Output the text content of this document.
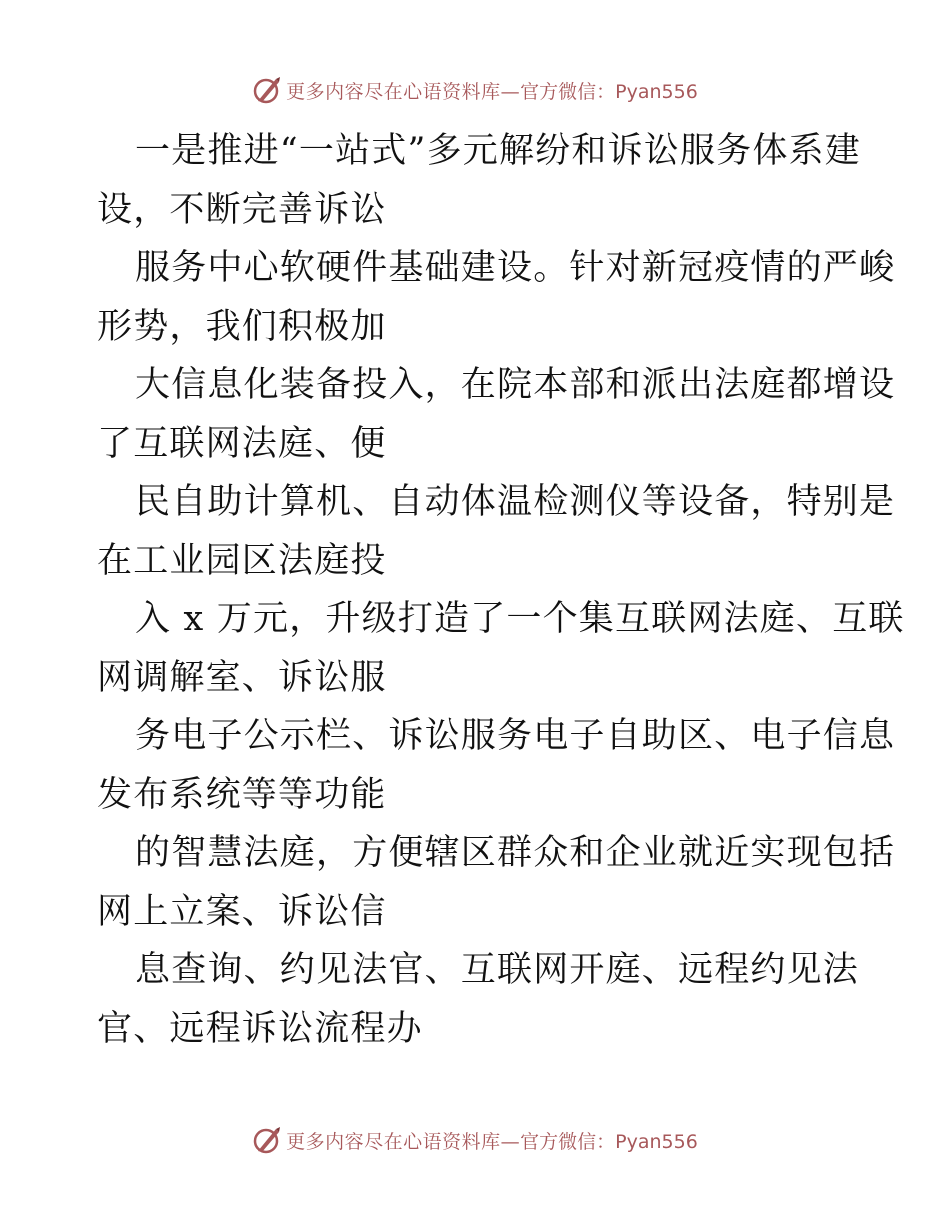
更多内容尽在心语资料库— 官方微信：Pyan556
一是推进“一站式”多元解纷和诉讼服务体系建
设，不断完善诉讼
服务中心软硬件基础建设。针对新冠疫情的严峻
形势，我们积极加
大信息化装备投入，在院本部和派出法庭都增设
了互联网法庭、便
民自助计算机、自动体温检测仪等设备，特别是
在工业园区法庭投
入 x 万元，升级打造了一个集互联网法庭、互联
网调解室、诉讼服
务电子公示栏、诉讼服务电子自助区、电子信息
发布系统等等功能
的智慧法庭，方便辖区群众和企业就近实现包括
网上立案、诉讼信
息查询、约见法官、互联网开庭、远程约见法
官、远程诉讼流程办
更多内容尽在心语资料库— 官方微信：Pyan556
